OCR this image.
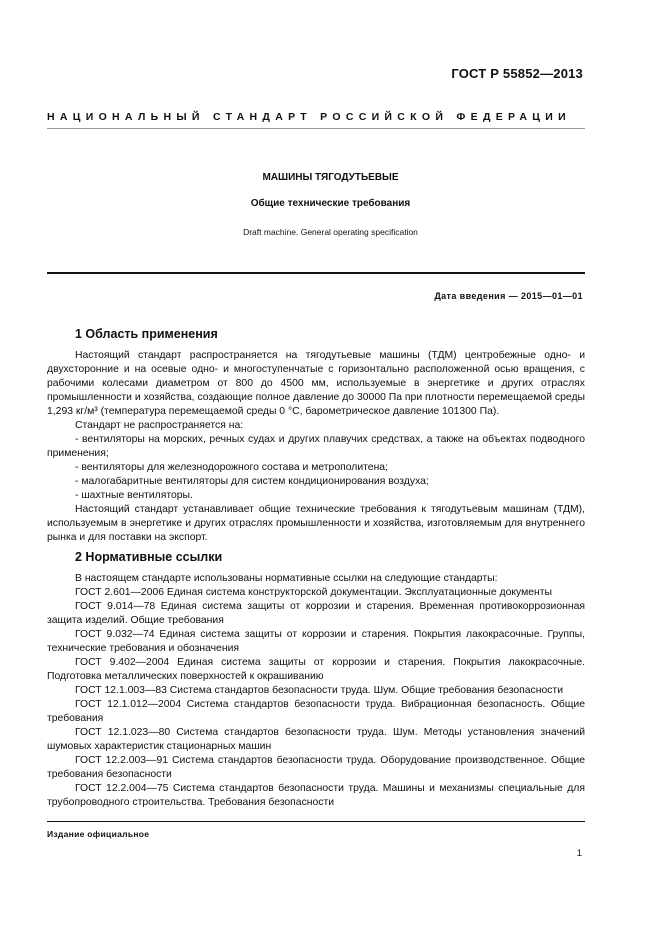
ГОСТ Р 55852—2013
НАЦИОНАЛЬНЫЙ СТАНДАРТ РОССИЙСКОЙ ФЕДЕРАЦИИ
МАШИНЫ ТЯГОДУТЬЕВЫЕ
Общие технические требования
Draft machine. General operating specification
Дата введения — 2015—01—01
1 Область применения

Настоящий стандарт распространяется на тягодутьевые машины (ТДМ) центробежные одно- и двухсторонние и на осевые одно- и многоступенчатые с горизонтально расположенной осью вращения, с рабочими колесами диаметром от 800 до 4500 мм, используемые в энергетике и других отраслях промышленности и хозяйства, создающие полное давление до 30000 Па при плотности перемещаемой среды 1,293 кг/м³ (температура перемещаемой среды 0 °С, барометрическое давление 101300 Па).

Стандарт не распространяется на:

- вентиляторы на морских, речных судах и других плавучих средствах, а также на объектах подводного применения;

- вентиляторы для железнодорожного состава и метрополитена;

- малогабаритные вентиляторы для систем кондиционирования воздуха;

- шахтные вентиляторы.

Настоящий стандарт устанавливает общие технические требования к тягодутьевым машинам (ТДМ), используемым в энергетике и других отраслях промышленности и хозяйства, изготовляемым для внутреннего рынка и для поставки на экспорт.

2 Нормативные ссылки

В настоящем стандарте использованы нормативные ссылки на следующие стандарты:

ГОСТ 2.601—2006 Единая система конструкторской документации. Эксплуатационные документы

ГОСТ 9.014—78 Единая система защиты от коррозии и старения. Временная противокоррозионная защита изделий. Общие требования

ГОСТ 9.032—74 Единая система защиты от коррозии и старения. Покрытия лакокрасочные. Группы, технические требования и обозначения

ГОСТ 9.402—2004 Единая система защиты от коррозии и старения. Покрытия лакокрасочные. Подготовка металлических поверхностей к окрашиванию

ГОСТ 12.1.003—83 Система стандартов безопасности труда. Шум. Общие требования безопасности

ГОСТ 12.1.012—2004 Система стандартов безопасности труда. Вибрационная безопасность. Общие требования

ГОСТ 12.1.023—80 Система стандартов безопасности труда. Шум. Методы установления значений шумовых характеристик стационарных машин

ГОСТ 12.2.003—91 Система стандартов безопасности труда. Оборудование производственное. Общие требования безопасности

ГОСТ 12.2.004—75 Система стандартов безопасности труда. Машины и механизмы специальные для трубопроводного строительства. Требования безопасности

Издание официальное
1
